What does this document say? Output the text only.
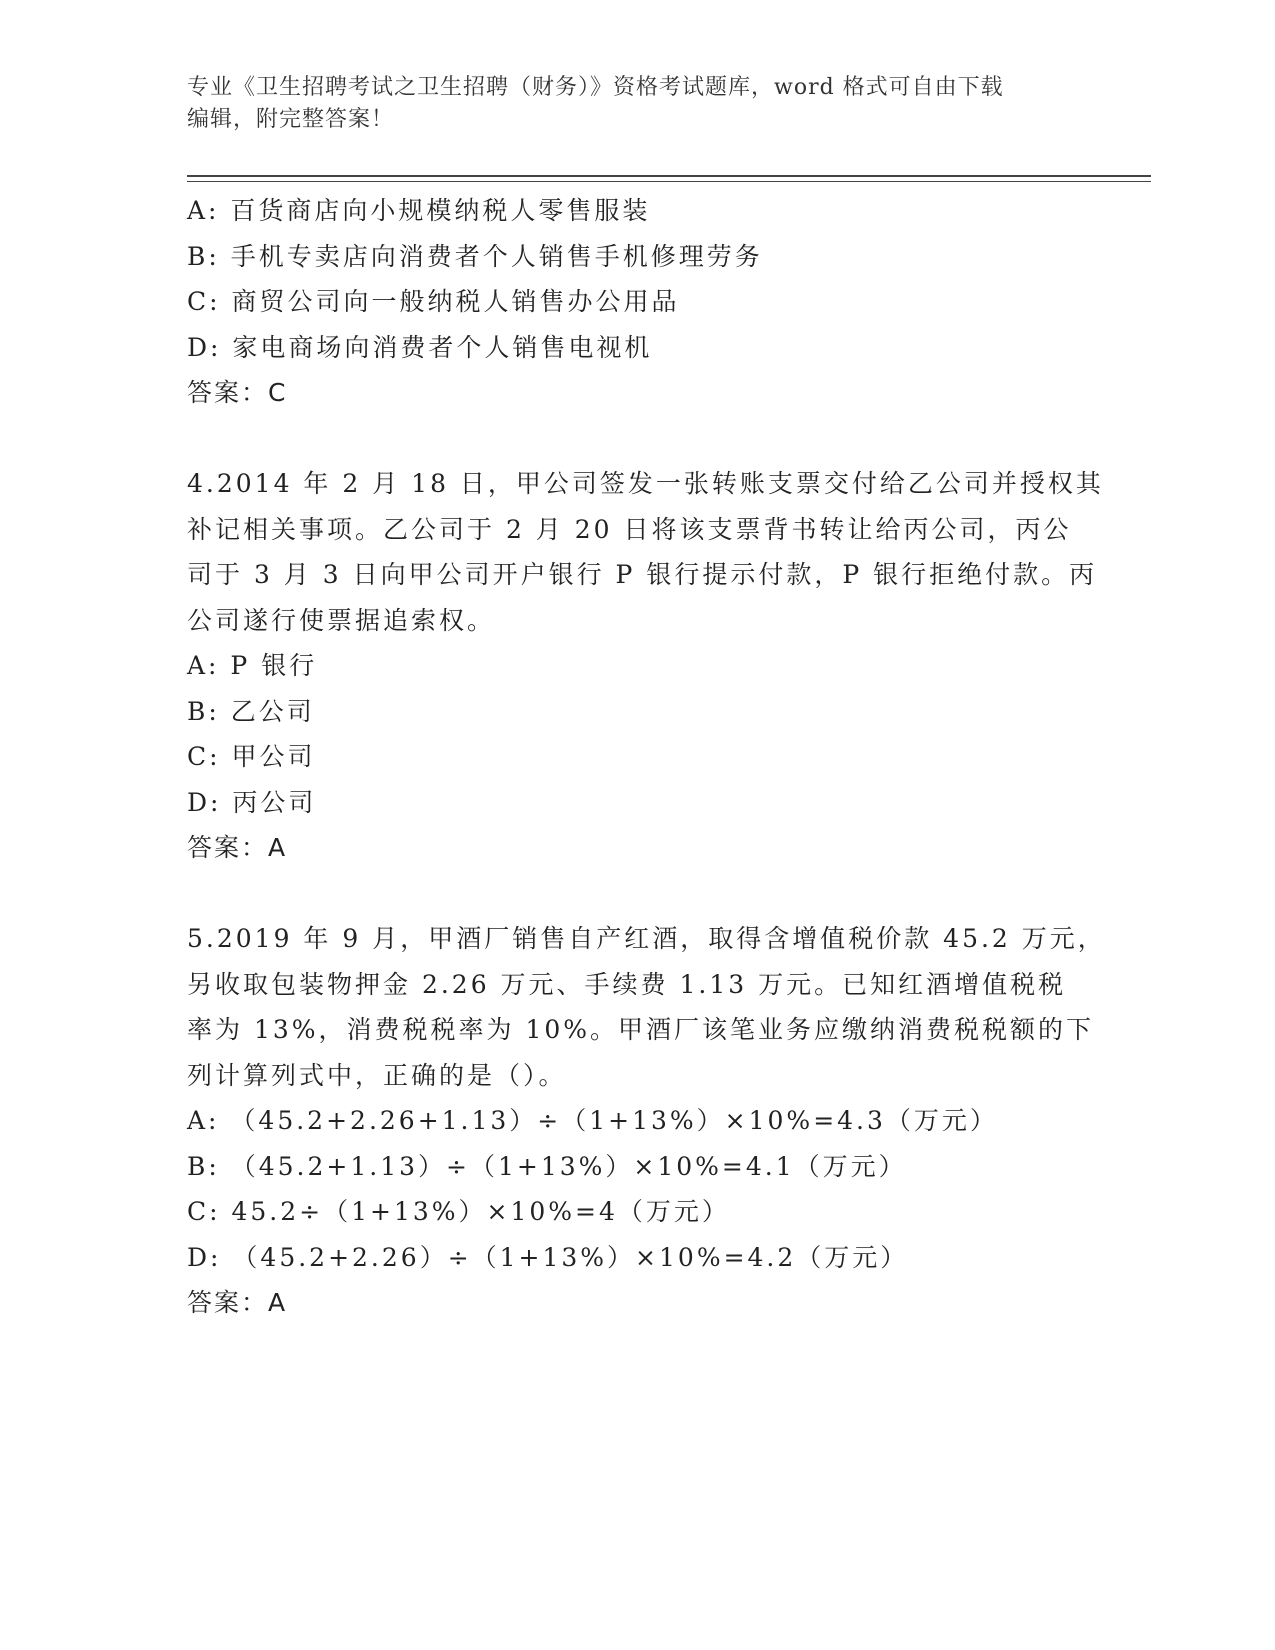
专业《卫生招聘考试之卫生招聘（财务）》资格考试题库，word 格式可自由下载
编辑，附完整答案！
A: 百货商店向小规模纳税人零售服装
B: 手机专卖店向消费者个人销售手机修理劳务
C: 商贸公司向一般纳税人销售办公用品
D: 家电商场向消费者个人销售电视机
答案：C
4.2014 年 2 月 18 日，甲公司签发一张转账支票交付给乙公司并授权其
补记相关事项。乙公司于 2 月 20 日将该支票背书转让给丙公司，丙公
司于 3 月 3 日向甲公司开户银行 P 银行提示付款，P 银行拒绝付款。丙
公司遂行使票据追索权。
A: P 银行
B: 乙公司
C: 甲公司
D: 丙公司
答案：A
5.2019 年 9 月，甲酒厂销售自产红酒，取得含增值税价款 45.2 万元，
另收取包装物押金 2.26 万元、手续费 1.13 万元。已知红酒增值税税
率为 13%，消费税税率为 10%。甲酒厂该笔业务应缴纳消费税税额的下
列计算列式中，正确的是（）。
A: （45.2+2.26+1.13）÷（1+13%）×10%=4.3（万元）
B: （45.2+1.13）÷（1+13%）×10%=4.1（万元）
C: 45.2÷（1+13%）×10%=4（万元）
D: （45.2+2.26）÷（1+13%）×10%=4.2（万元）
答案：A
